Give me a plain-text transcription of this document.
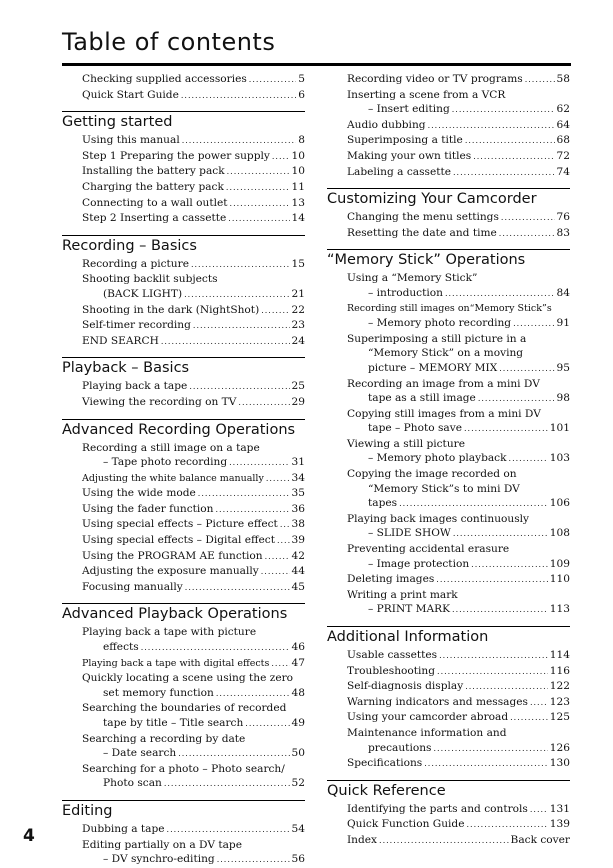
Table of contents
Checking supplied accessories .....	5
Quick Start Guide .....	6
Getting started
Using this manual .....	8
Step 1 Preparing the power supply ..... 10
Installing the battery pack .....	10
Charging the battery pack .....	11
Connecting to a wall outlet .....	13
Step 2 Inserting a cassette .....	14
Recording – Basics
Recording a picture .....	15
Shooting backlit subjects
(BACK LIGHT) .....	21
Shooting in the dark (NightShot) .....	22
Self-timer recording .....	23
END SEARCH .....	24
Playback – Basics
Playing back a tape .....	25
Viewing the recording on TV .....	29
Advanced Recording Operations
Recording a still image on a tape
– Tape photo recording .....	31
Adjusting the white balance manually .....	34
Using the wide mode .....	35
Using the fader function .....	36
Using special effects – Picture effect ..... 38
Using special effects – Digital effect ..... 39
Using the PROGRAM AE function .....	42
Adjusting the exposure manually .....	44
Focusing manually .....	45
Advanced Playback Operations
Playing back a tape with picture
effects .....	46
Playing back a tape with digital effects ..... 47
Quickly locating a scene using the zero
set memory function .....	48
Searching the boundaries of recorded
tape by title – Title search .....	49
Searching a recording by date
– Date search .....	50
Searching for a photo – Photo search/
Photo scan .....	52
Editing
Dubbing a tape .....	54
Editing partially on a DV tape
– DV synchro-editing .....	56
Recording video or TV programs .....	58
Inserting a scene from a VCR
– Insert editing .....	62
Audio dubbing .....	64
Superimposing a title .....	68
Making your own titles .....	72
Labeling a cassette .....	74
Customizing Your Camcorder
Changing the menu settings .....	76
Resetting the date and time .....	83
“Memory Stick” Operations
Using a “Memory Stick”
– introduction .....	84
Recording still images on“Memory Stick”s
– Memory photo recording .....	91
Superimposing a still picture in a
“Memory Stick” on a moving
picture – MEMORY MIX .....	95
Recording an image from a mini DV
tape as a still image .....	98
Copying still images from a mini DV
tape – Photo save .....	101
Viewing a still picture
– Memory photo playback .....	103
Copying the image recorded on
“Memory Stick”s to mini DV
tapes .....	106
Playing back images continuously
– SLIDE SHOW .....	108
Preventing accidental erasure
– Image protection .....	109
Deleting images .....	110
Writing a print mark
– PRINT MARK .....	113
Additional Information
Usable cassettes .....	114
Troubleshooting .....	116
Self-diagnosis display .....	122
Warning indicators and messages ..... 123
Using your camcorder abroad .....	125
Maintenance information and
precautions .....	126
Specifications .....	130
Quick Reference
Identifying the parts and controls ..... 131
Quick Function Guide .....	139
Index .....	Back cover
4
